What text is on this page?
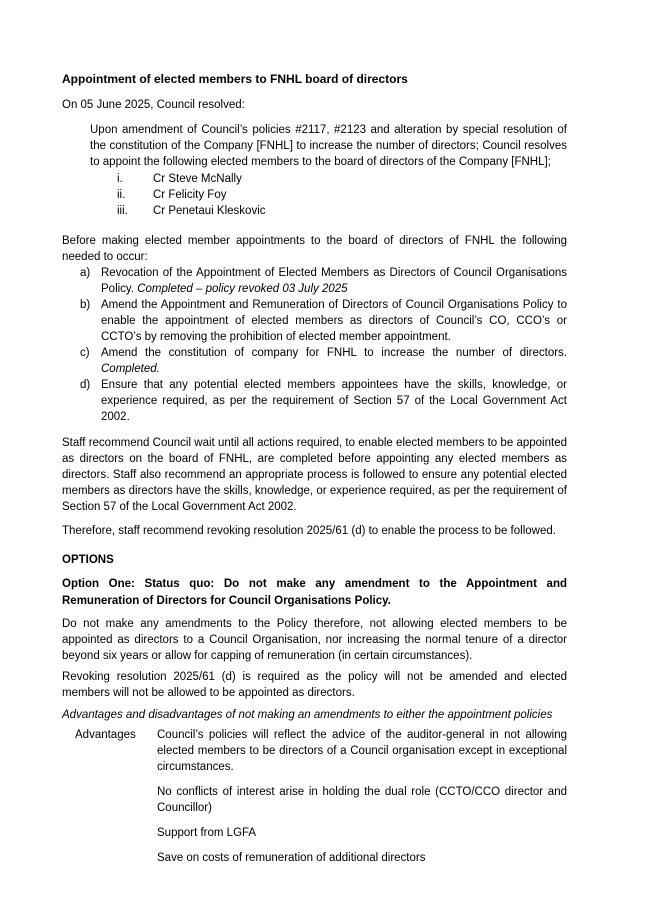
Appointment of elected members to FNHL board of directors

On 05 June 2025, Council resolved:

Upon amendment of Council’s policies #2117, #2123 and alteration by special resolution of the constitution of the Company [FNHL] to increase the number of directors; Council resolves to appoint the following elected members to the board of directors of the Company [FNHL];
i.	Cr Steve McNally
ii.	Cr Felicity Foy
iii.	Cr Penetaui Kleskovic

Before making elected member appointments to the board of directors of FNHL the following needed to occur:

a) Revocation of the Appointment of Elected Members as Directors of Council Organisations Policy. Completed – policy revoked 03 July 2025
b) Amend the Appointment and Remuneration of Directors of Council Organisations Policy to enable the appointment of elected members as directors of Council’s CO, CCO’s or CCTO’s by removing the prohibition of elected member appointment.
c) Amend the constitution of company for FNHL to increase the number of directors. Completed.
d) Ensure that any potential elected members appointees have the skills, knowledge, or experience required, as per the requirement of Section 57 of the Local Government Act 2002.

Staff recommend Council wait until all actions required, to enable elected members to be appointed as directors on the board of FNHL, are completed before appointing any elected members as directors. Staff also recommend an appropriate process is followed to ensure any potential elected members as directors have the skills, knowledge, or experience required, as per the requirement of Section 57 of the Local Government Act 2002.

Therefore, staff recommend revoking resolution 2025/61 (d) to enable the process to be followed.

OPTIONS
Option One: Status quo: Do not make any amendment to the Appointment and Remuneration of Directors for Council Organisations Policy.

Do not make any amendments to the Policy therefore, not allowing elected members to be appointed as directors to a Council Organisation, nor increasing the normal tenure of a director beyond six years or allow for capping of remuneration (in certain circumstances).

Revoking resolution 2025/61 (d) is required as the policy will not be amended and elected members will not be allowed to be appointed as directors.

Advantages and disadvantages of not making an amendments to either the appointment policies

Advantages	Council’s policies will reflect the advice of the auditor-general in not allowing elected members to be directors of a Council organisation except in exceptional circumstances.

No conflicts of interest arise in holding the dual role (CCTO/CCO director and Councillor)

Support from LGFA

Save on costs of remuneration of additional directors
